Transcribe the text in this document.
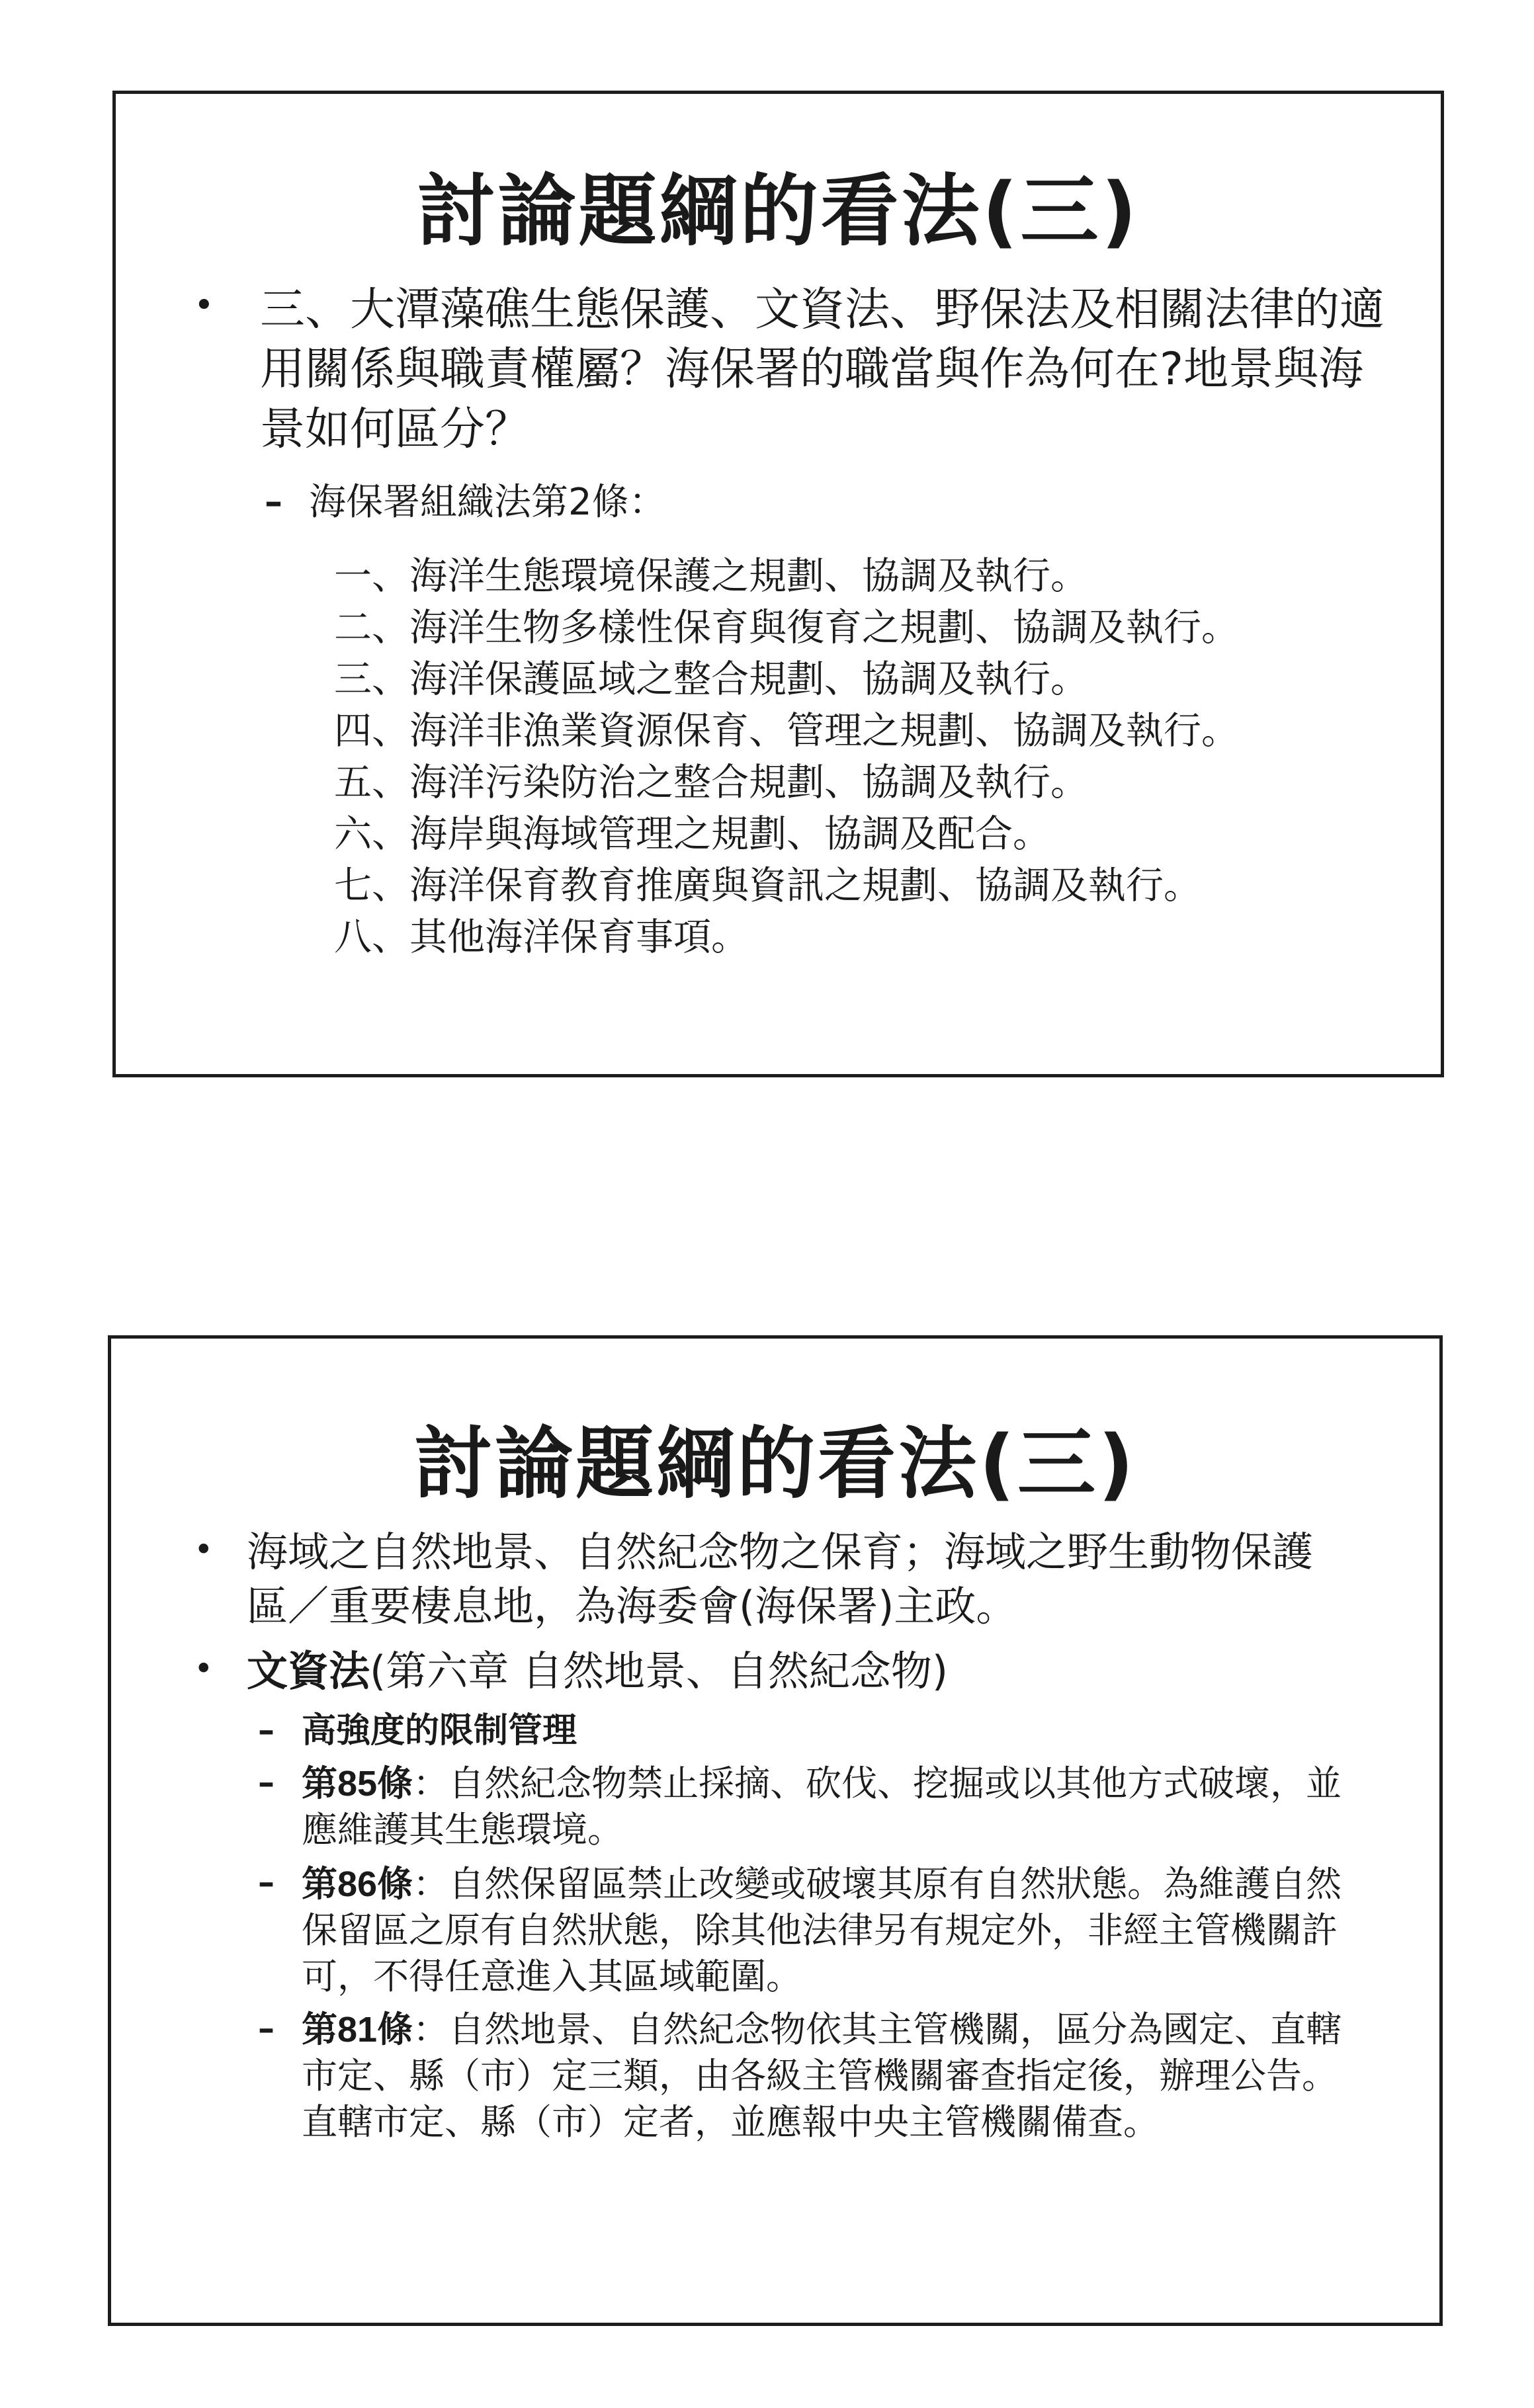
討論題綱的看法(三)
• 三、大潭藻礁生態保護、文資法、野保法及相關法律的適用關係與職責權屬？海保署的職當與作為何在?地景與海景如何區分？
– 海保署組織法第2條：
一、海洋生態環境保護之規劃、協調及執行。
二、海洋生物多樣性保育與復育之規劃、協調及執行。
三、海洋保護區域之整合規劃、協調及執行。
四、海洋非漁業資源保育、管理之規劃、協調及執行。
五、海洋污染防治之整合規劃、協調及執行。
六、海岸與海域管理之規劃、協調及配合。
七、海洋保育教育推廣與資訊之規劃、協調及執行。
八、其他海洋保育事項。
討論題綱的看法(三)
• 海域之自然地景、自然紀念物之保育；海域之野生動物保護區／重要棲息地，為海委會(海保署)主政。
• 文資法(第六章 自然地景、自然紀念物)
– 高強度的限制管理
– 第85條：自然紀念物禁止採摘、砍伐、挖掘或以其他方式破壞，並應維護其生態環境。
– 第86條：自然保留區禁止改變或破壞其原有自然狀態。為維護自然保留區之原有自然狀態，除其他法律另有規定外，非經主管機關許可，不得任意進入其區域範圍。
– 第81條：自然地景、自然紀念物依其主管機關，區分為國定、直轄市定、縣（市）定三類，由各級主管機關審查指定後，辦理公告。直轄市定、縣（市）定者，並應報中央主管機關備查。
